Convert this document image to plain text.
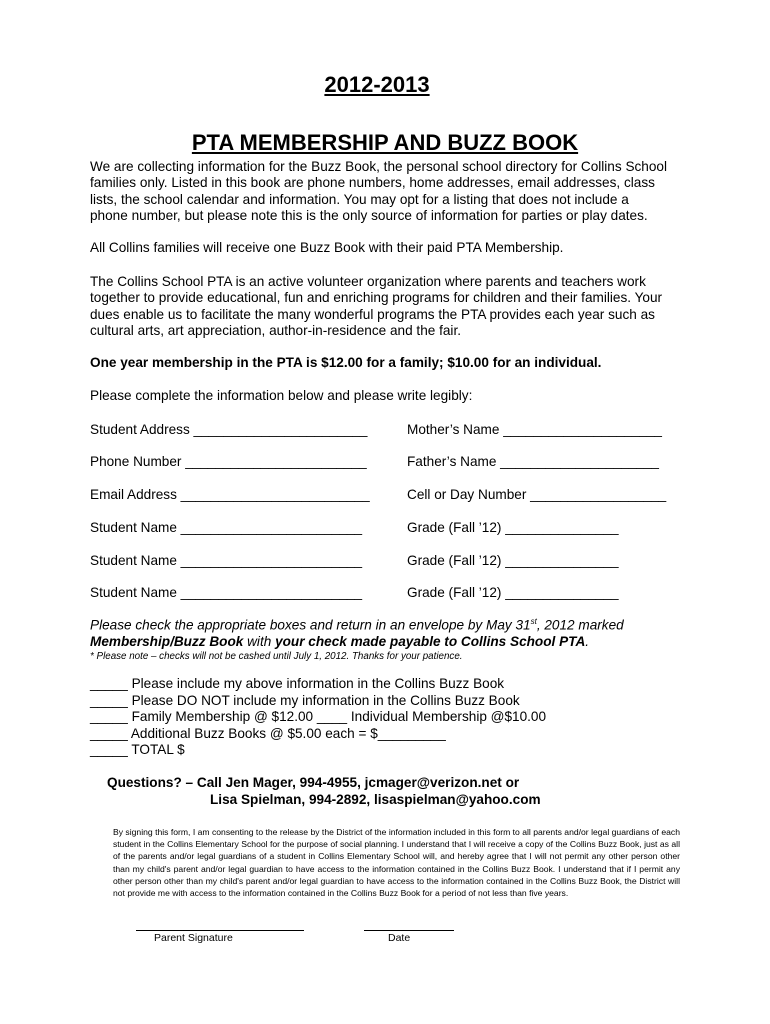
2012-2013
PTA MEMBERSHIP AND BUZZ BOOK
We are collecting information for the Buzz Book, the personal school directory for Collins School
families only. Listed in this book are phone numbers, home addresses, email addresses, class
lists, the school calendar and information. You may opt for a listing that does not include a
phone number, but please note this is the only source of information for parties or play dates.
All Collins families will receive one Buzz Book with their paid PTA Membership.
The Collins School PTA is an active volunteer organization where parents and teachers work
together to provide educational, fun and enriching programs for children and their families. Your
dues enable us to facilitate the many wonderful programs the PTA provides each year such as
cultural arts, art appreciation, author-in-residence and the fair.
One year membership in the PTA is $12.00 for a family; $10.00 for an individual.
Please complete the information below and please write legibly:
Student Address _______________________
Phone Number ________________________
Email Address _________________________
Student Name ________________________
Student Name ________________________
Student Name ________________________
Mother’s Name _____________________
Father’s Name _____________________
Cell or Day Number __________________
Grade (Fall ’12) _______________
Grade (Fall ’12) _______________
Grade (Fall ’12) _______________
Please check the appropriate boxes and return in an envelope by May 31st, 2012 marked
Membership/Buzz Book with your check made payable to Collins School PTA.
* Please note – checks will not be cashed until July 1, 2012. Thanks for your patience.
_____ Please include my above information in the Collins Buzz Book
_____ Please DO NOT include my information in the Collins Buzz Book
_____ Family Membership @ $12.00 ____ Individual Membership @$10.00
_____ Additional Buzz Books @ $5.00 each = $_________
_____ TOTAL $
Questions? – Call Jen Mager, 994-4955, jcmager@verizon.net or
Lisa Spielman, 994-2892, lisaspielman@yahoo.com
By signing this form, I am consenting to the release by the District of the information included in this form to all parents and/or legal guardians of each student in the Collins Elementary School for the purpose of social planning. I understand that I will receive a copy of the Collins Buzz Book, just as all of the parents and/or legal guardians of a student in Collins Elementary School will, and hereby agree that I will not permit any other person other than my child's parent and/or legal guardian to have access to the information contained in the Collins Buzz Book. I understand that if I permit any other person other than my child's parent and/or legal guardian to have access to the information contained in the Collins Buzz Book, the District will not provide me with access to the information contained in the Collins Buzz Book for a period of not less than five years.
Parent Signature	Date
